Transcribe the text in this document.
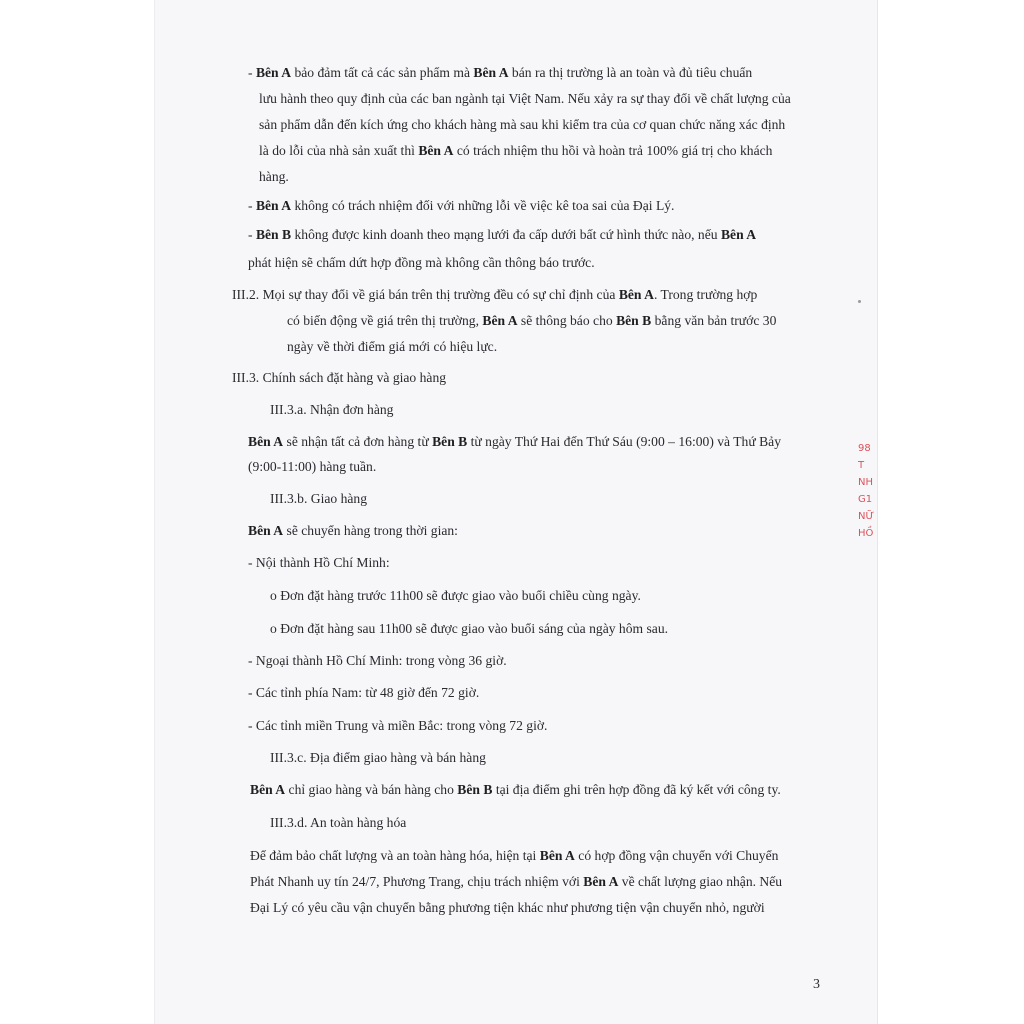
- Bên A bảo đảm tất cả các sản phẩm mà Bên A bán ra thị trường là an toàn và đủ tiêu chuẩn

lưu hành theo quy định của các ban ngành tại Việt Nam. Nếu xảy ra sự thay đổi về chất lượng của

sản phẩm dẫn đến kích ứng cho khách hàng mà sau khi kiểm tra của cơ quan chức năng xác định

là do lỗi của nhà sản xuất thì Bên A có trách nhiệm thu hồi và hoàn trả 100% giá trị cho khách

hàng.

- Bên A không có trách nhiệm đối với những lỗi về việc kê toa sai của Đại Lý.

- Bên B không được kinh doanh theo mạng lưới đa cấp dưới bất cứ hình thức nào, nếu Bên A

phát hiện sẽ chấm dứt hợp đồng mà không cần thông báo trước.

III.2. Mọi sự thay đổi về giá bán trên thị trường đều có sự chỉ định của Bên A. Trong trường hợp

có biến động về giá trên thị trường, Bên A sẽ thông báo cho Bên B bằng văn bản trước 30

ngày về thời điểm giá mới có hiệu lực.

III.3. Chính sách đặt hàng và giao hàng

III.3.a. Nhận đơn hàng

Bên A sẽ nhận tất cả đơn hàng từ Bên B từ ngày Thứ Hai đến Thứ Sáu (9:00 – 16:00) và Thứ Bảy

(9:00-11:00) hàng tuần.

III.3.b. Giao hàng

Bên A sẽ chuyển hàng trong thời gian:

- Nội thành Hồ Chí Minh:

o Đơn đặt hàng trước 11h00 sẽ được giao vào buổi chiều cùng ngày.

o Đơn đặt hàng sau 11h00 sẽ được giao vào buổi sáng của ngày hôm sau.

- Ngoại thành Hồ Chí Minh: trong vòng 36 giờ.

- Các tỉnh phía Nam: từ 48 giờ đến 72 giờ.

- Các tỉnh miền Trung và miền Bắc: trong vòng 72 giờ.

III.3.c. Địa điểm giao hàng và bán hàng

Bên A chỉ giao hàng và bán hàng cho Bên B tại địa điểm ghi trên hợp đồng đã ký kết với công ty.

III.3.d. An toàn hàng hóa

Để đảm bảo chất lượng và an toàn hàng hóa, hiện tại Bên A có hợp đồng vận chuyển với Chuyển

Phát Nhanh uy tín 24/7, Phương Trang, chịu trách nhiệm với Bên A về chất lượng giao nhận. Nếu

Đại Lý có yêu cầu vận chuyển bằng phương tiện khác như phương tiện vận chuyển nhỏ, người

98
T
NH
G1
NỮ
HỒ
3
